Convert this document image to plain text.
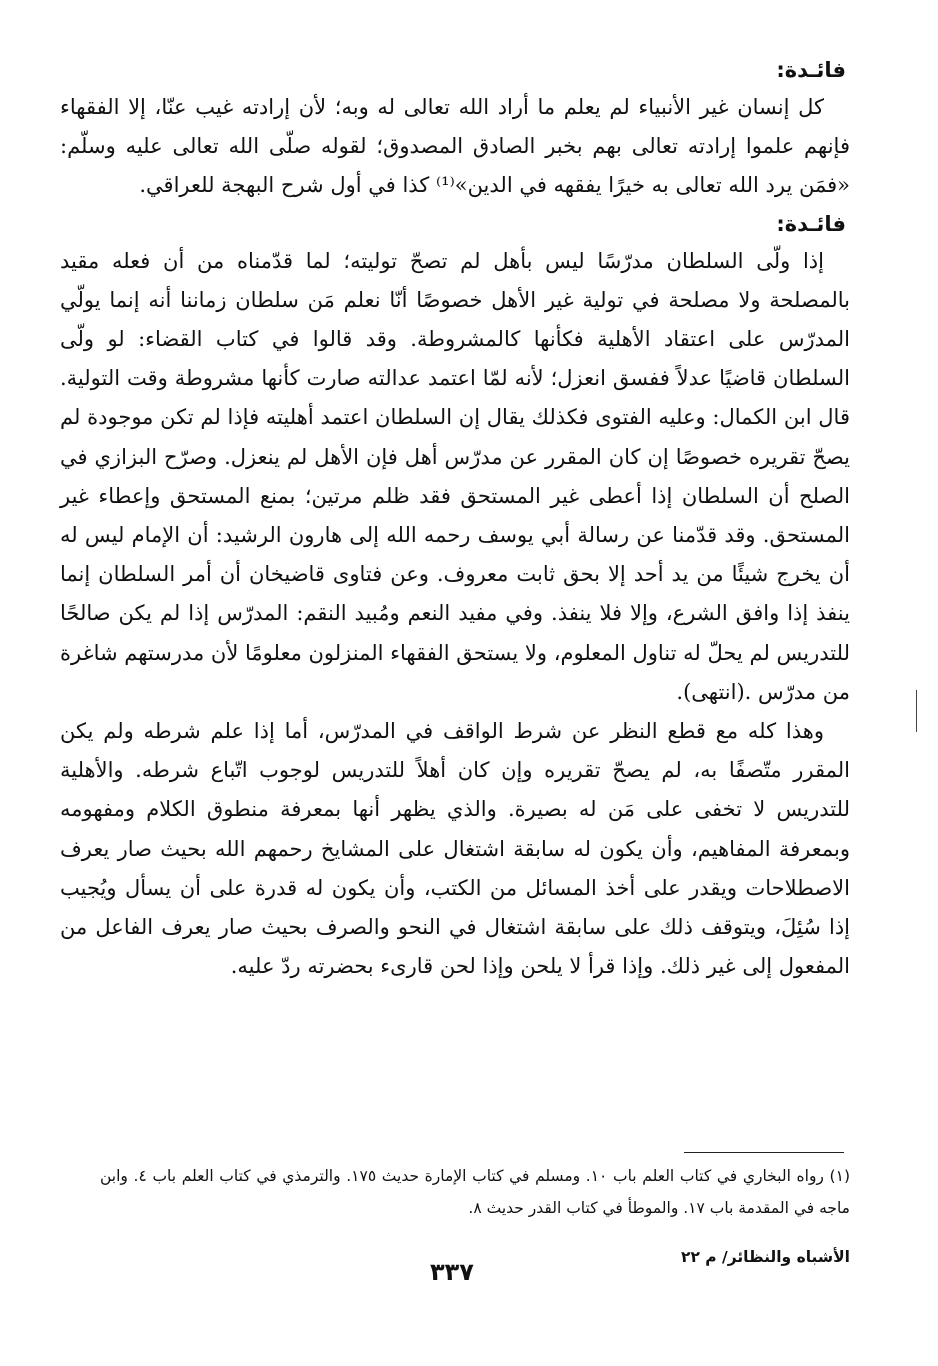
فائـدة:

كل إنسان غير الأنبياء لم يعلم ما أراد الله تعالى له وبه؛ لأن إرادته غيب عنّا، إلا الفقهاء فإنهم علموا إرادته تعالى بهم بخبر الصادق المصدوق؛ لقوله صلّى الله تعالى عليه وسلّم: «فمَن يرد الله تعالى به خيرًا يفقهه في الدين»⁽¹⁾ كذا في أول شرح البهجة للعراقي.

فائـدة:

إذا ولّى السلطان مدرّسًا ليس بأهل لم تصحّ توليته؛ لما قدّمناه من أن فعله مقيد بالمصلحة ولا مصلحة في تولية غير الأهل خصوصًا أنّا نعلم مَن سلطان زماننا أنه إنما يولّي المدرّس على اعتقاد الأهلية فكأنها كالمشروطة. وقد قالوا في كتاب القضاء: لو ولّى السلطان قاضيًا عدلاً ففسق انعزل؛ لأنه لمّا اعتمد عدالته صارت كأنها مشروطة وقت التولية. قال ابن الكمال: وعليه الفتوى فكذلك يقال إن السلطان اعتمد أهليته فإذا لم تكن موجودة لم يصحّ تقريره خصوصًا إن كان المقرر عن مدرّس أهل فإن الأهل لم ينعزل. وصرّح البزازي في الصلح أن السلطان إذا أعطى غير المستحق فقد ظلم مرتين؛ بمنع المستحق وإعطاء غير المستحق. وقد قدّمنا عن رسالة أبي يوسف رحمه الله إلى هارون الرشيد: أن الإمام ليس له أن يخرج شيئًا من يد أحد إلا بحق ثابت معروف. وعن فتاوى قاضيخان أن أمر السلطان إنما ينفذ إذا وافق الشرع، وإلا فلا ينفذ. وفي مفيد النعم ومُبيد النقم: المدرّس إذا لم يكن صالحًا للتدريس لم يحلّ له تناول المعلوم، ولا يستحق الفقهاء المنزلون معلومًا لأن مدرستهم شاغرة من مدرّس .(انتهى).

وهذا كله مع قطع النظر عن شرط الواقف في المدرّس، أما إذا علم شرطه ولم يكن المقرر متّصفًا به، لم يصحّ تقريره وإن كان أهلاً للتدريس لوجوب اتّباع شرطه. والأهلية للتدريس لا تخفى على مَن له بصيرة. والذي يظهر أنها بمعرفة منطوق الكلام ومفهومه وبمعرفة المفاهيم، وأن يكون له سابقة اشتغال على المشايخ رحمهم الله بحيث صار يعرف الاصطلاحات ويقدر على أخذ المسائل من الكتب، وأن يكون له قدرة على أن يسأل ويُجيب إذا سُئِلَ، ويتوقف ذلك على سابقة اشتغال في النحو والصرف بحيث صار يعرف الفاعل من المفعول إلى غير ذلك. وإذا قرأ لا يلحن وإذا لحن قارىء بحضرته ردّ عليه.

(١) رواه البخاري في كتاب العلم باب ١٠. ومسلم في كتاب الإمارة حديث ١٧٥. والترمذي في كتاب العلم باب ٤. وابن ماجه في المقدمة باب ١٧. والموطأ في كتاب القدر حديث ٨.
الأشباه والنظائر/ م ٢٢
٣٣٧
